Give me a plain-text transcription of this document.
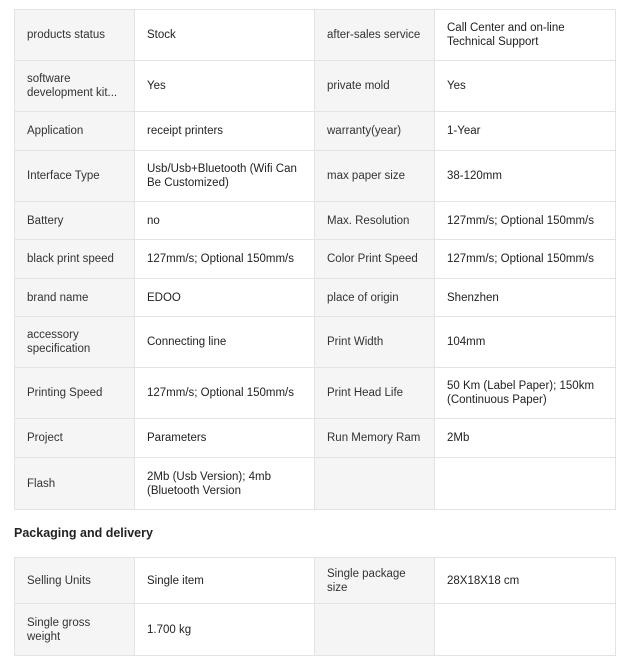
products status	Stock	after-sales service	Call Center and on-line Technical Support

software development kit...	Yes	private mold	Yes

Application	receipt printers	warranty(year)	1-Year

Interface Type	Usb/Usb+Bluetooth (Wifi Can Be Customized)	max paper size	38-120mm

Battery	no	Max. Resolution	127mm/s; Optional 150mm/s

black print speed	127mm/s; Optional 150mm/s	Color Print Speed	127mm/s; Optional 150mm/s

brand name	EDOO	place of origin	Shenzhen

accessory specification	Connecting line	Print Width	104mm

Printing Speed	127mm/s; Optional 150mm/s	Print Head Life	50 Km (Label Paper); 150km (Continuous Paper)

Project	Parameters	Run Memory Ram	2Mb

Flash	2Mb (Usb Version); 4mb (Bluetooth Version		

Packaging and delivery
Selling Units	Single item	Single package size	28X18X18 cm

Single gross weight	1.700 kg		
